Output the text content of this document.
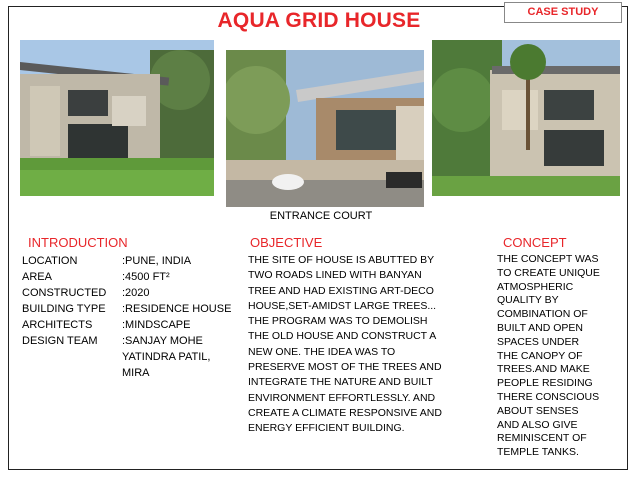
CASE STUDY
AQUA GRID HOUSE
ENTRANCE COURT
INTRODUCTION
LOCATION	:PUNE, INDIA
AREA	:4500 FT²
CONSTRUCTED :2020
BUILDING TYPE :RESIDENCE HOUSE
ARCHITECTS	:MINDSCAPE
DESIGN TEAM :SANJAY MOHE
YATINDRA PATIL,
MIRA
OBJECTIVE
THE SITE OF HOUSE IS ABUTTED BY
TWO ROADS LINED WITH BANYAN
TREE AND HAD EXISTING ART-DECO
HOUSE,SET-AMIDST LARGE TREES...
THE PROGRAM WAS TO DEMOLISH
THE OLD HOUSE AND CONSTRUCT A
NEW ONE. THE IDEA WAS TO
PRESERVE MOST OF THE TREES AND
INTEGRATE THE NATURE AND BUILT
ENVIRONMENT EFFORTLESSLY. AND
CREATE A CLIMATE RESPONSIVE AND
ENERGY EFFICIENT BUILDING.
CONCEPT
THE CONCEPT WAS
TO CREATE UNIQUE
ATMOSPHERIC
QUALITY BY
COMBINATION OF
BUILT AND OPEN
SPACES UNDER
THE CANOPY OF
TREES.AND MAKE
PEOPLE RESIDING
THERE CONSCIOUS
ABOUT SENSES
AND ALSO GIVE
REMINISCENT OF
TEMPLE TANKS.
